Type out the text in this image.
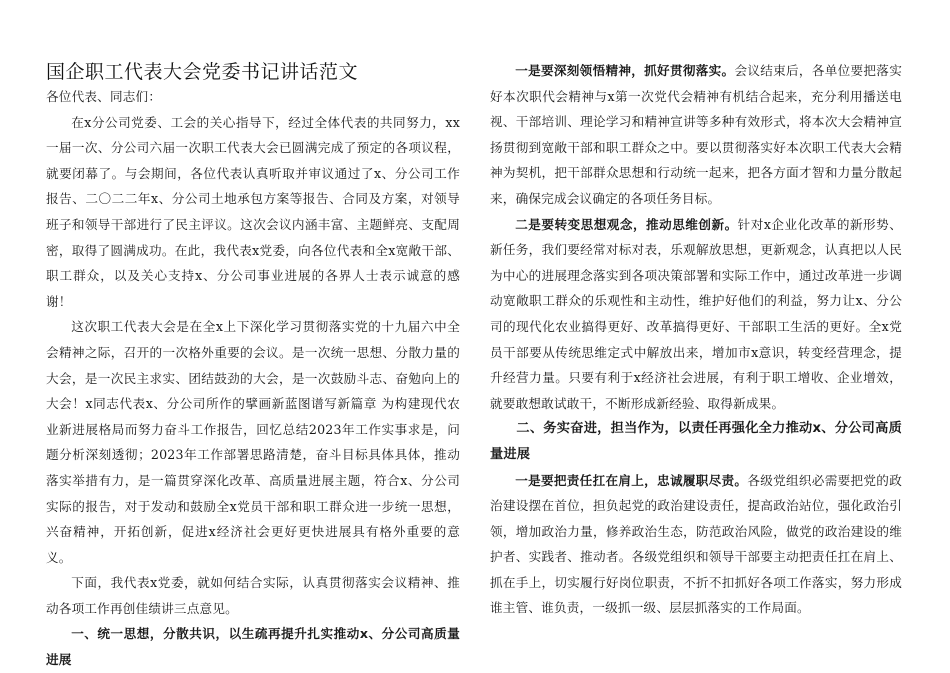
国企职工代表大会党委书记讲话范文

各位代表、同志们：

在x分公司党委、工会的关心指导下，经过全体代表的共同努力，xx一届一次、分公司六届一次职工代表大会已圆满完成了预定的各项议程，就要闭幕了。与会期间，各位代表认真听取并审议通过了x、分公司工作报告、二〇二二年x、分公司土地承包方案等报告、合同及方案，对领导班子和领导干部进行了民主评议。这次会议内涵丰富、主题鲜亮、支配周密，取得了圆满成功。在此，我代表x党委，向各位代表和全x宽敞干部、职工群众，以及关心支持x、分公司事业进展的各界人士表示诚意的感谢！

这次职工代表大会是在全x上下深化学习贯彻落实党的十九届六中全会精神之际，召开的一次格外重要的会议。是一次统一思想、分散力量的大会，是一次民主求实、团结鼓劲的大会，是一次鼓励斗志、奋勉向上的大会！x同志代表x、分公司所作的擘画新蓝图谱写新篇章 为构建现代农业新进展格局而努力奋斗工作报告，回忆总结2023年工作实事求是，问题分析深刻透彻；2023年工作部署思路清楚，奋斗目标具体具体，推动落实举措有力，是一篇贯穿深化改革、高质量进展主题，符合x、分公司实际的报告，对于发动和鼓励全x党员干部和职工群众进一步统一思想，兴奋精神，开拓创新，促进x经济社会更好更快进展具有格外重要的意义。

下面，我代表x党委，就如何结合实际，认真贯彻落实会议精神、推动各项工作再创佳绩讲三点意见。

一、统一思想，分散共识，以生疏再提升扎实推动x、分公司高质量进展

一是要深刻领悟精神，抓好贯彻落实。会议结束后，各单位要把落实好本次职代会精神与x第一次党代会精神有机结合起来，充分利用播送电视、干部培训、理论学习和精神宣讲等多种有效形式，将本次大会精神宣扬贯彻到宽敞干部和职工群众之中。要以贯彻落实好本次职工代表大会精神为契机，把干部群众思想和行动统一起来，把各方面才智和力量分散起来，确保完成会议确定的各项任务目标。

二是要转变思想观念，推动思维创新。针对x企业化改革的新形势、新任务，我们要经常对标对表，乐观解放思想，更新观念，认真把以人民为中心的进展理念落实到各项决策部署和实际工作中，通过改革进一步调动宽敞职工群众的乐观性和主动性，维护好他们的利益，努力让x、分公司的现代化农业搞得更好、改革搞得更好、干部职工生活的更好。全x党员干部要从传统思维定式中解放出来，增加市x意识，转变经营理念，提升经营力量。只要有利于x经济社会进展，有利于职工增收、企业增效，就要敢想敢试敢干，不断形成新经验、取得新成果。

二、务实奋进，担当作为，以责任再强化全力推动x、分公司高质量进展

一是要把责任扛在肩上，忠诚履职尽责。各级党组织必需要把党的政治建设摆在首位，担负起党的政治建设责任，提高政治站位，强化政治引领，增加政治力量，修养政治生态，防范政治风险，做党的政治建设的维护者、实践者、推动者。各级党组织和领导干部要主动把责任扛在肩上、抓在手上，切实履行好岗位职责，不折不扣抓好各项工作落实，努力形成谁主管、谁负责，一级抓一级、层层抓落实的工作局面。
